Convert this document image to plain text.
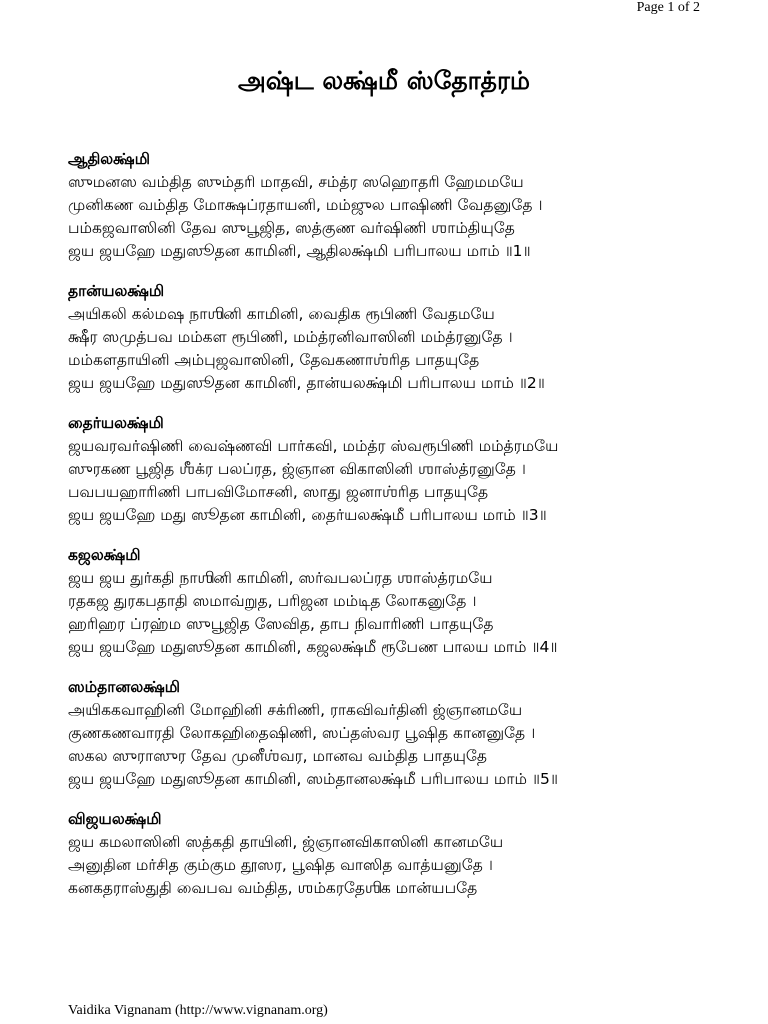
Page 1 of 2
அஷ்ட லக்ஷ்மீ ஸ்தோத்ரம்
ஆதிலக்ஷ்மி
ஸுமனஸ வம்தித ஸும்தரி மாதவி, சம்த்ர ஸஹொதரி ஹேமமயே
முனிகண வம்தித மோக்ஷப்ரதாயனி, மம்ஜுல பாஷிணி வேதனுதே ।
பம்கஜவாஸினி தேவ ஸுபூஜித, ஸத்குண வர்ஷிணி ஶாம்தியுதே
ஜய ஜயஹே மதுஸூதன காமினி, ஆதிலக்ஷ்மி பரிபாலய மாம் ॥1॥
தான்யலக்ஷ்மி
அயிகலி கல்மஷ நாஶினி காமினி, வைதிக ரூபிணி வேதமயே
க்ஷீர ஸமுத்பவ மம்கள ரூபிணி, மம்த்ரனிவாஸினி மம்த்ரனுதே ।
மம்களதாயினி அம்புஜவாஸினி, தேவகணாஶ்ரித பாதயுதே
ஜய ஜயஹே மதுஸூதன காமினி, தான்யலக்ஷ்மி பரிபாலய மாம் ॥2॥
தைர்யலக்ஷ்மி
ஜயவரவர்ஷிணி வைஷ்ணவி பார்கவி, மம்த்ர ஸ்வரூபிணி மம்த்ரமயே
ஸுரகண பூஜித ஶீக்ர பலப்ரத, ஜ்ஞான விகாஸினி ஶாஸ்த்ரனுதே ।
பவபயஹாரிணி பாபவிமோசனி, ஸாது ஜனாஶ்ரித பாதயுதே
ஜய ஜயஹே மது ஸூதன காமினி, தைர்யலக்ஷ்மீ பரிபாலய மாம் ॥3॥
கஜலக்ஷ்மி
ஜய ஜய துர்கதி நாஶினி காமினி, ஸர்வபலப்ரத ஶாஸ்த்ரமயே
ரதகஜ துரகபதாதி ஸமாவ்றுத, பரிஜன மம்டித லோகனுதே ।
ஹரிஹர ப்ரஹ்ம ஸுபூஜித ஸேவித, தாப நிவாரிணி பாதயுதே
ஜய ஜயஹே மதுஸூதன காமினி, கஜலக்ஷ்மீ ரூபேண பாலய மாம் ॥4॥
ஸம்தானலக்ஷ்மி
அயிககவாஹினி மோஹினி சக்ரிணி, ராகவிவர்தினி ஜ்ஞானமயே
குணகணவாரதி லோகஹிதைஷிணி, ஸப்தஸ்வர பூஷித கானனுதே ।
ஸகல ஸுராஸுர தேவ முனீஶ்வர, மானவ வம்தித பாதயுதே
ஜய ஜயஹே மதுஸூதன காமினி, ஸம்தானலக்ஷ்மீ பரிபாலய மாம் ॥5॥
விஜயலக்ஷ்மி
ஜய கமலாஸினி ஸத்கதி தாயினி, ஜ்ஞானவிகாஸினி கானமயே
அனுதின மர்சித கும்கும தூஸர, பூஷித வாஸித வாத்யனுதே ।
கனகதராஸ்துதி வைபவ வம்தித, ஶம்கரதேஶிக மான்யபதே
Vaidika Vignanam (http://www.vignanam.org)
